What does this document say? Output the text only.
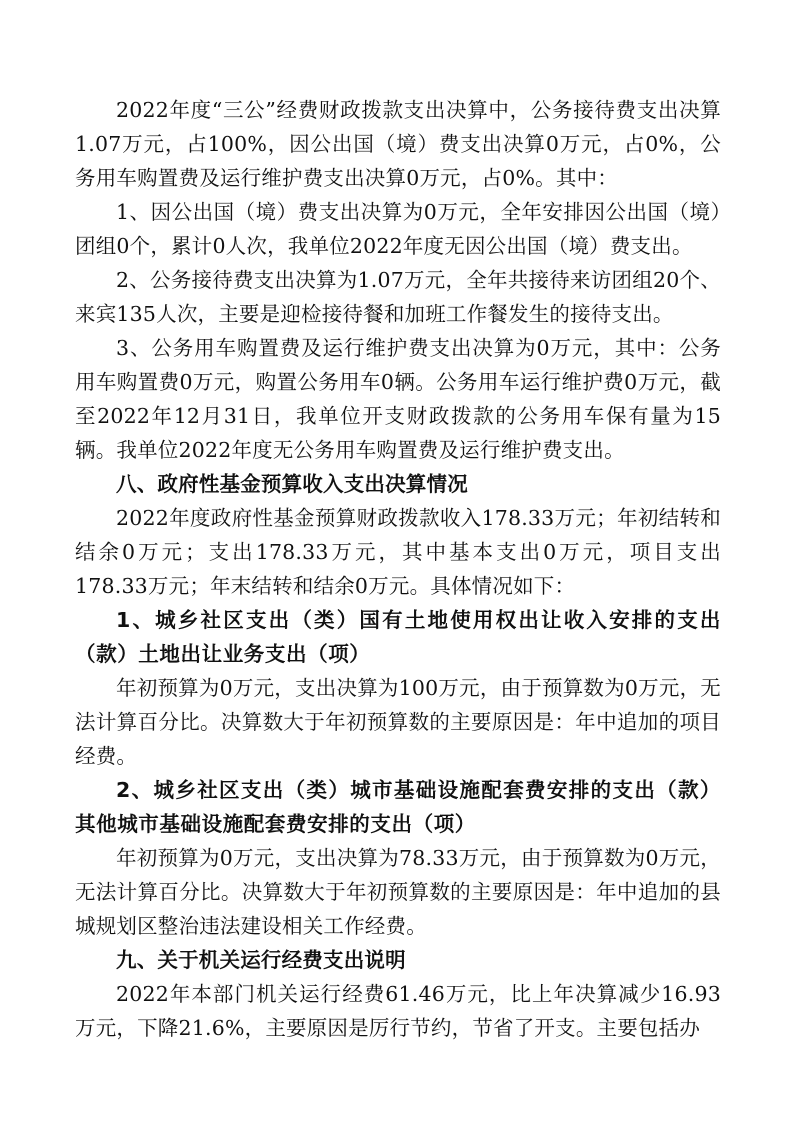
2022年度“三公”经费财政拨款支出决算中，公务接待费支出决算1.07万元，占100%，因公出国（境）费支出决算0万元，占0%，公务用车购置费及运行维护费支出决算0万元，占0%。其中：

1、因公出国（境）费支出决算为0万元，全年安排因公出国（境）团组0个，累计0人次，我单位2022年度无因公出国（境）费支出。

2、公务接待费支出决算为1.07万元，全年共接待来访团组20个、来宾135人次，主要是迎检接待餐和加班工作餐发生的接待支出。

3、公务用车购置费及运行维护费支出决算为0万元，其中：公务用车购置费0万元，购置公务用车0辆。公务用车运行维护费0万元，截至2022年12月31日，我单位开支财政拨款的公务用车保有量为15辆。我单位2022年度无公务用车购置费及运行维护费支出。

八、政府性基金预算收入支出决算情况

2022年度政府性基金预算财政拨款收入178.33万元；年初结转和结余0万元；支出178.33万元，其中基本支出0万元，项目支出178.33万元；年末结转和结余0万元。具体情况如下：

1、城乡社区支出（类）国有土地使用权出让收入安排的支出（款）土地出让业务支出（项）

年初预算为0万元，支出决算为100万元，由于预算数为0万元，无法计算百分比。决算数大于年初预算数的主要原因是：年中追加的项目经费。

2、城乡社区支出（类）城市基础设施配套费安排的支出（款）其他城市基础设施配套费安排的支出（项）

年初预算为0万元，支出决算为78.33万元，由于预算数为0万元，无法计算百分比。决算数大于年初预算数的主要原因是：年中追加的县城规划区整治违法建设相关工作经费。

九、关于机关运行经费支出说明

2022年本部门机关运行经费61.46万元，比上年决算减少16.93万元，下降21.6%，主要原因是厉行节约，节省了开支。主要包括办
